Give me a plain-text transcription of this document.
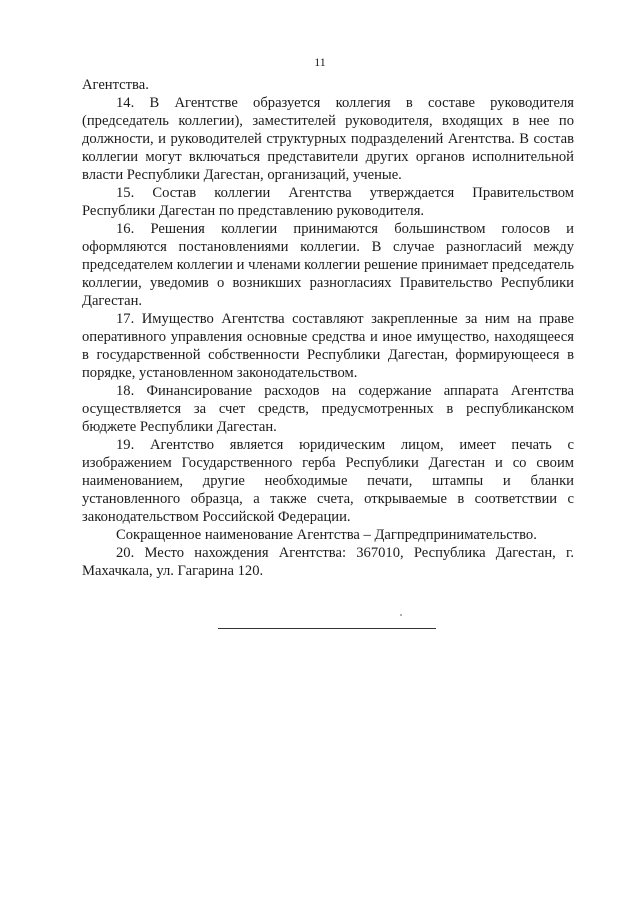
11

Агентства.

14. В Агентстве образуется коллегия в составе руководителя (председатель коллегии), заместителей руководителя, входящих в нее по должности, и руководителей структурных подразделений Агентства. В состав коллегии могут включаться представители других органов исполнительной власти Республики Дагестан, организаций, ученые.

15. Состав коллегии Агентства утверждается Правительством Республики Дагестан по представлению руководителя.

16. Решения коллегии принимаются большинством голосов и оформляются постановлениями коллегии. В случае разногласий между председателем коллегии и членами коллегии решение принимает председатель коллегии, уведомив о возникших разногласиях Правительство Республики Дагестан.

17. Имущество Агентства составляют закрепленные за ним на праве оперативного управления основные средства и иное имущество, находящееся в государственной собственности Республики Дагестан, формирующееся в порядке, установленном законодательством.

18. Финансирование расходов на содержание аппарата Агентства осуществляется за счет средств, предусмотренных в республиканском бюджете Республики Дагестан.

19. Агентство является юридическим лицом, имеет печать с изображением Государственного герба Республики Дагестан и со своим наименованием, другие необходимые печати, штампы и бланки установленного образца, а также счета, открываемые в соответствии с законодательством Российской Федерации.

Сокращенное наименование Агентства – Дагпредпринимательство.

20. Место нахождения Агентства: 367010, Республика Дагестан, г. Махачкала, ул. Гагарина 120.
